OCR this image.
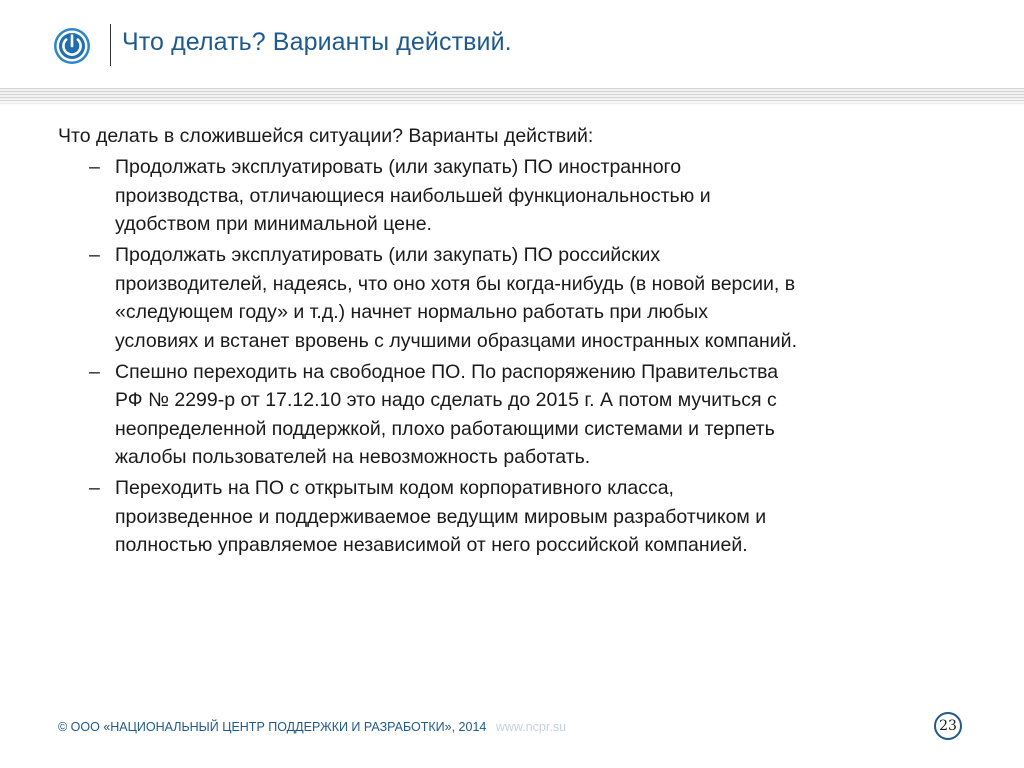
Что делать? Варианты действий.
Что делать в сложившейся ситуации? Варианты действий:
– Продолжать эксплуатировать (или закупать) ПО иностранного
производства, отличающиеся наибольшей функциональностью и
удобством при минимальной цене.
– Продолжать эксплуатировать (или закупать) ПО российских
производителей, надеясь, что оно хотя бы когда-нибудь (в новой версии, в
«следующем году» и т.д.) начнет нормально работать при любых
условиях и встанет вровень с лучшими образцами иностранных компаний.
– Спешно переходить на свободное ПО. По распоряжению Правительства
РФ № 2299-р от 17.12.10 это надо сделать до 2015 г. А потом мучиться с
неопределенной поддержкой, плохо работающими системами и терпеть
жалобы пользователей на невозможность работать.
– Переходить на ПО с открытым кодом корпоративного класса,
произведенное и поддерживаемое ведущим мировым разработчиком и
полностью управляемое независимой от него российской компанией.
© ООО «НАЦИОНАЛЬНЫЙ ЦЕНТР ПОДДЕРЖКИ И РАЗРАБОТКИ», 2014 www.ncpr.su	23
